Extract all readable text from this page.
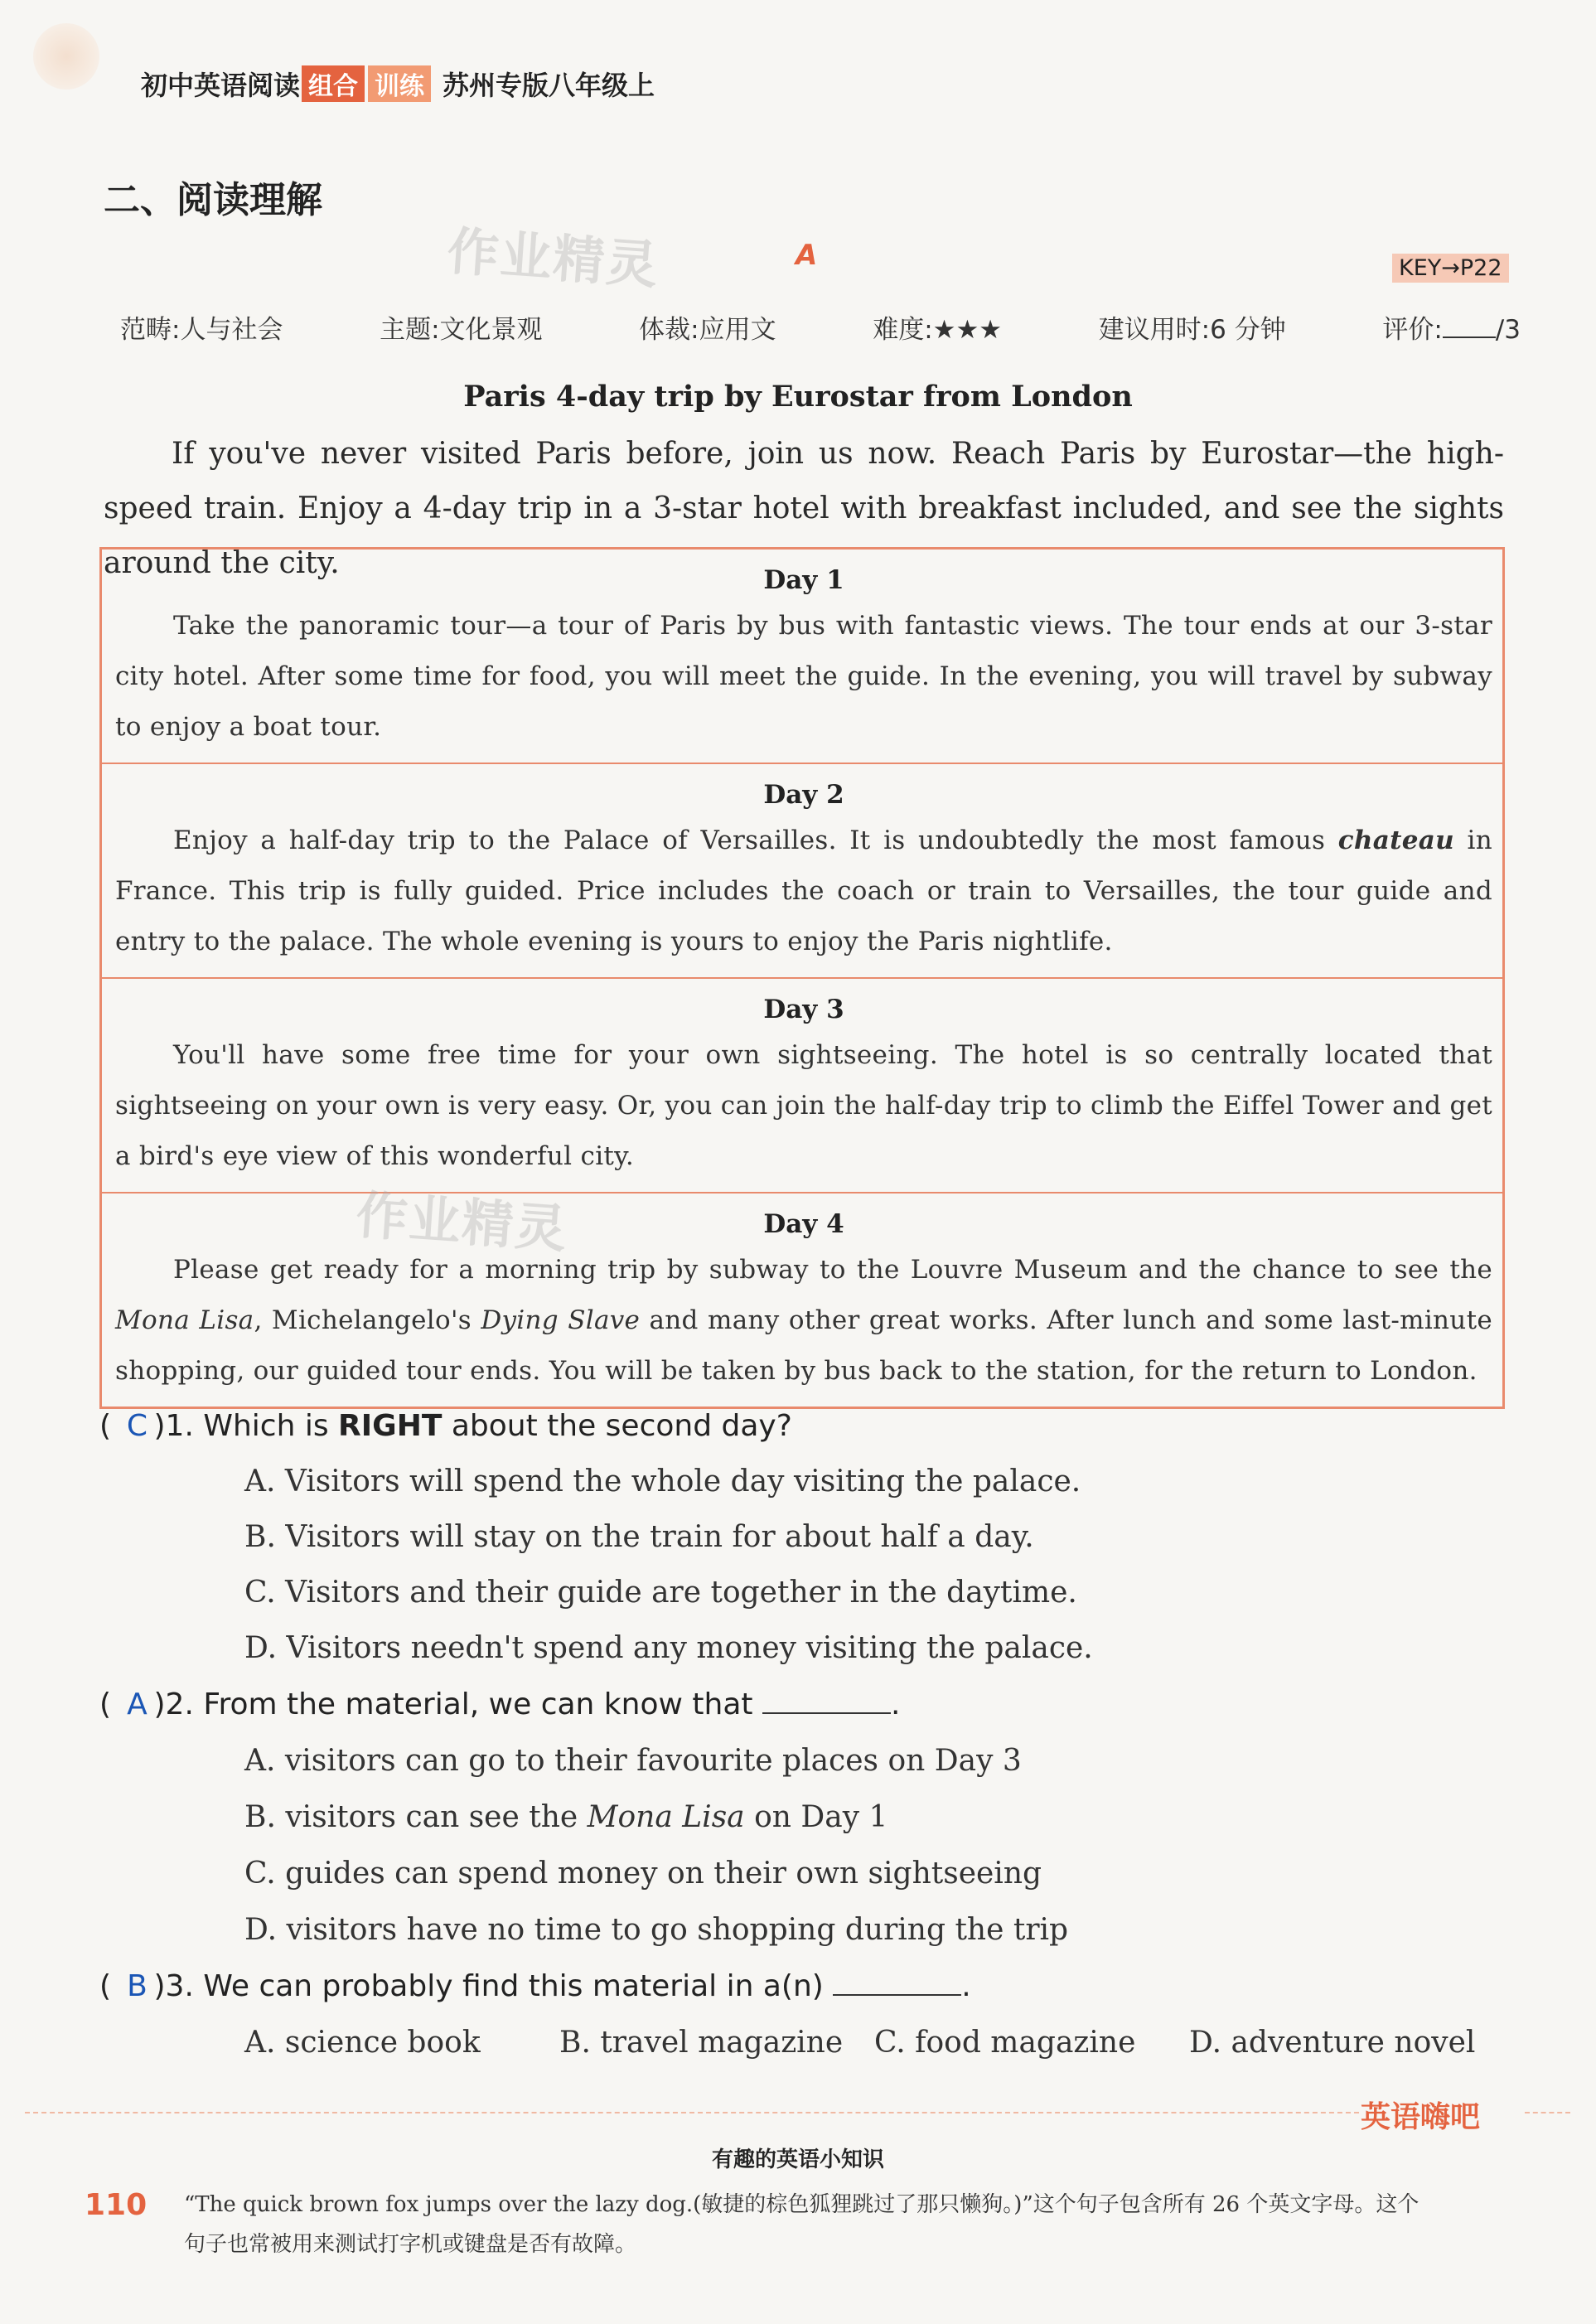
初中英语阅读 组合 训练 苏州专版八年级上
二、阅读理解
作业精灵	A	KEY→P22
范畴:人与社会	主题:文化景观	体裁:应用文	难度:★★★	建议用时:6 分钟	评价: /3
Paris 4-day trip by Eurostar from London
If you've never visited Paris before, join us now. Reach Paris by Eurostar—the high-speed train. Enjoy a 4-day trip in a 3-star hotel with breakfast included, and see the sights around the city.	Day 1
Take the panoramic tour—a tour of Paris by bus with fantastic views. The tour ends at our 3-star city hotel. After some time for food, you will meet the guide. In the evening, you will travel by subway to enjoy a boat tour.
Day 2
Enjoy a half-day trip to the Palace of Versailles. It is undoubtedly the most famous chateau in France. This trip is fully guided. Price includes the coach or train to Versailles, the tour guide and entry to the palace. The whole evening is yours to enjoy the Paris nightlife.
Day 3
You'll have some free time for your own sightseeing. The hotel is so centrally located that sightseeing on your own is very easy. Or, you can join the half-day trip to climb the Eiffel Tower and get a bird's eye view of this wonderful city.
Day 4
Please get ready for a morning trip by subway to the Louvre Museum and the chance to see the Mona Lisa, Michelangelo's Dying Slave and many other great works. After lunch and some last-minute shopping, our guided tour ends. You will be taken by bus back to the station, for the return to London.
作业精灵
( C )1. Which is RIGHT about the second day?
A. Visitors will spend the whole day visiting the palace.
B. Visitors will stay on the train for about half a day.
C. Visitors and their guide are together in the daytime.
D. Visitors needn't spend any money visiting the palace.
( A )2. From the material, we can know that	.
A. visitors can go to their favourite places on Day 3
B. visitors can see the Mona Lisa on Day 1
C. guides can spend money on their own sightseeing
D. visitors have no time to go shopping during the trip
( B )3. We can probably find this material in a(n)	.
A. science book	B. travel magazine C. food magazine D. adventure novel
英语嗨吧
有趣的英语小知识
110 “The quick brown fox jumps over the lazy dog.(敏捷的棕色狐狸跳过了那只懒狗。)”这个句子包含所有 26 个英文字母。这个句子也常被用来测试打字机或键盘是否有故障。
